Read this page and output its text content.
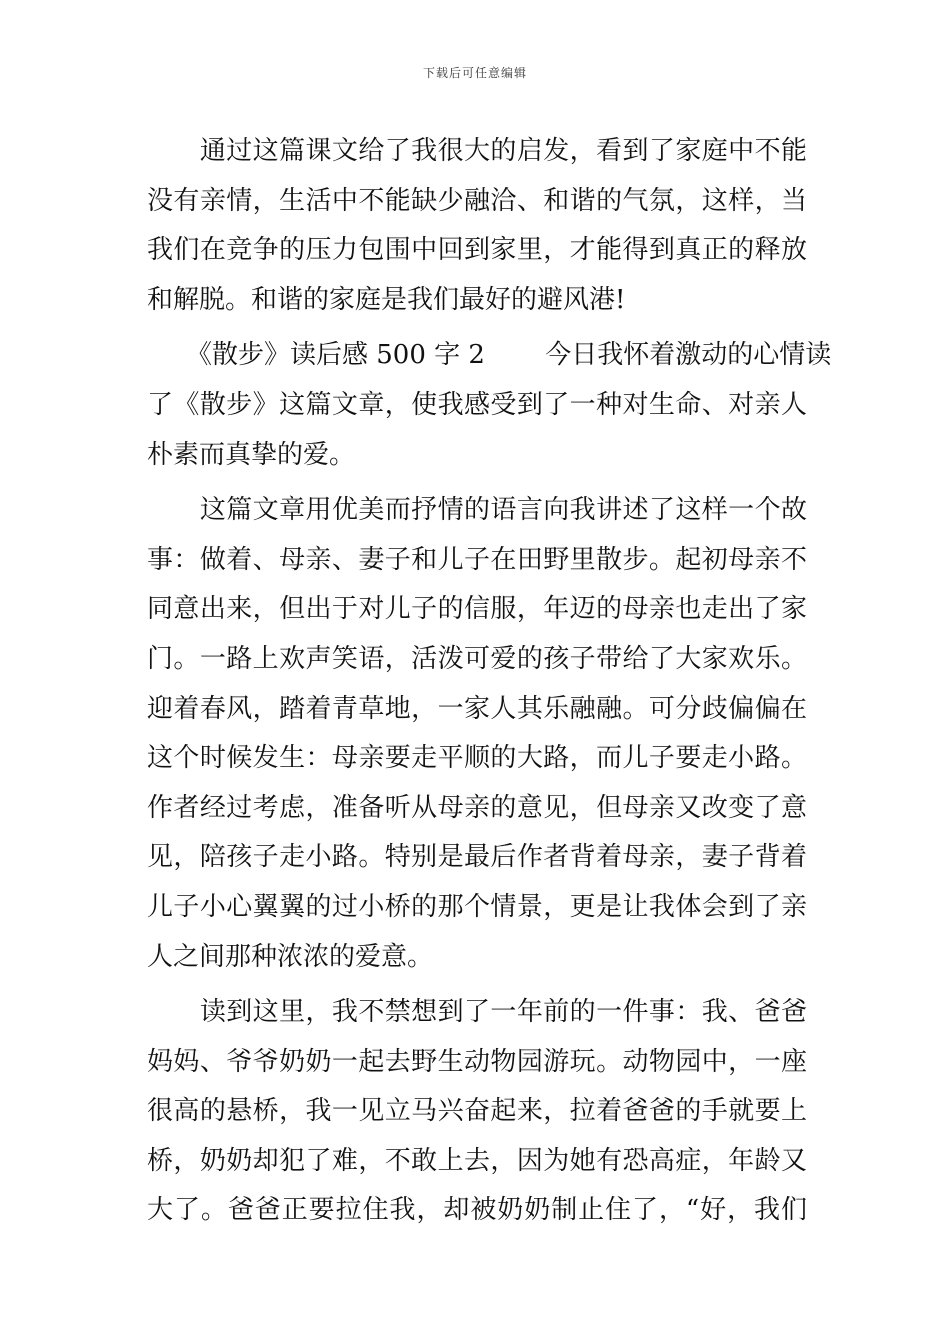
下载后可任意编辑
　　通过这篇课文给了我很大的启发，看到了家庭中不能
没有亲情，生活中不能缺少融洽、和谐的气氛，这样，当
我们在竞争的压力包围中回到家里，才能得到真正的释放
和解脱。和谐的家庭是我们最好的避风港!
　　《散步》读后感 500 字 2　　 今日我怀着激动的心情读
了《散步》这篇文章，使我感受到了一种对生命、对亲人
朴素而真挚的爱。
　　这篇文章用优美而抒情的语言向我讲述了这样一个故
事：做着、母亲、妻子和儿子在田野里散步。起初母亲不
同意出来，但出于对儿子的信服，年迈的母亲也走出了家
门。一路上欢声笑语，活泼可爱的孩子带给了大家欢乐。
迎着春风，踏着青草地，一家人其乐融融。可分歧偏偏在
这个时候发生：母亲要走平顺的大路，而儿子要走小路。
作者经过考虑，准备听从母亲的意见，但母亲又改变了意
见，陪孩子走小路。特别是最后作者背着母亲，妻子背着
儿子小心翼翼的过小桥的那个情景，更是让我体会到了亲
人之间那种浓浓的爱意。
　　读到这里，我不禁想到了一年前的一件事：我、爸爸
妈妈、爷爷奶奶一起去野生动物园游玩。动物园中，一座
很高的悬桥，我一见立马兴奋起来，拉着爸爸的手就要上
桥，奶奶却犯了难，不敢上去，因为她有恐高症，年龄又
大了。爸爸正要拉住我，却被奶奶制止住了，“好，我们
